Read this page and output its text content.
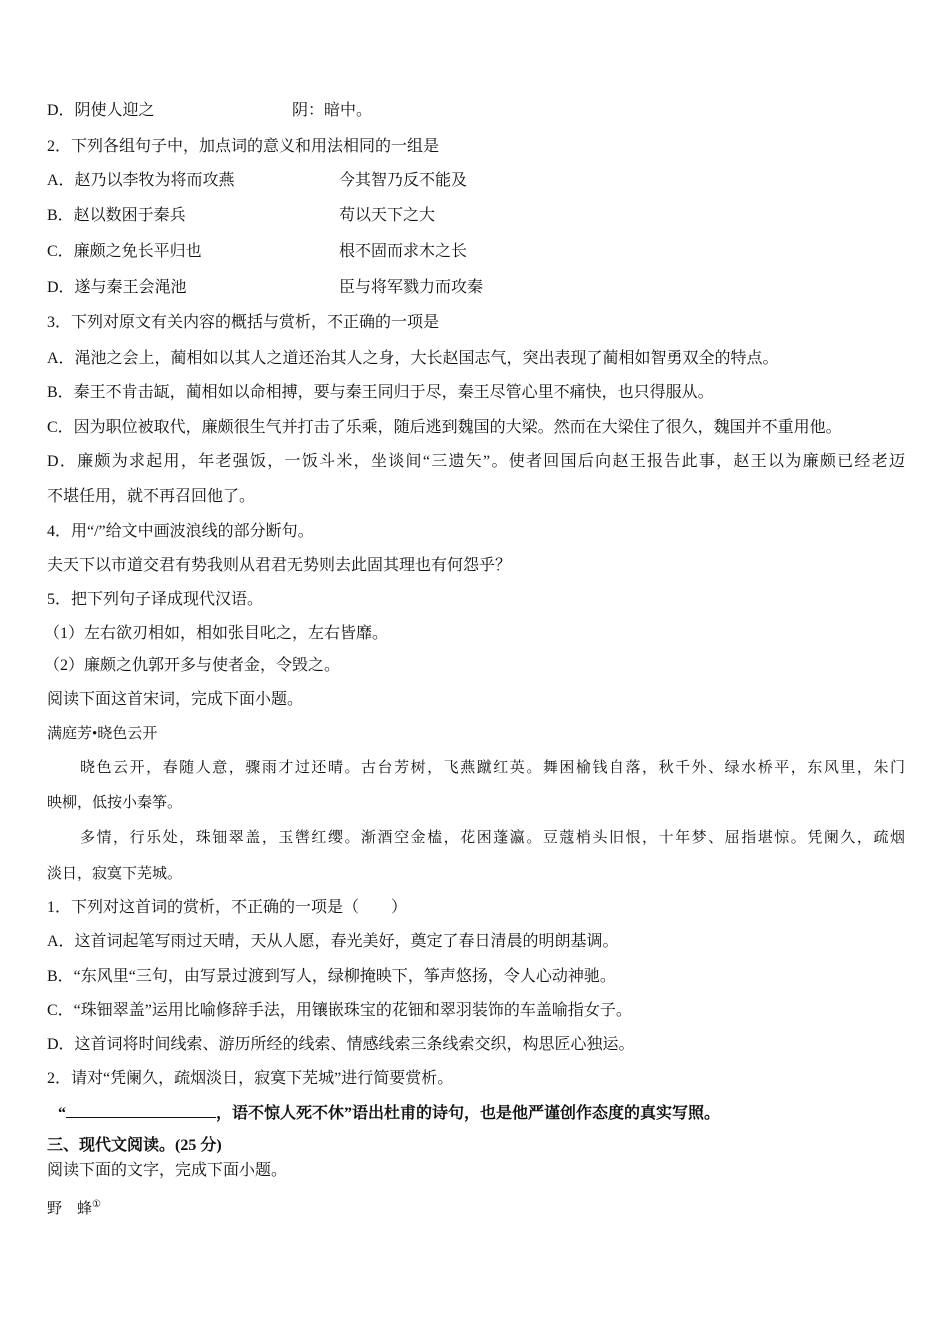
D．阴使人迎之	阴：暗中。
2．下列各组句子中，加点词的意义和用法相同的一组是
A．赵乃以李牧为将而攻燕	今其智乃反不能及
B．赵以数困于秦兵	苟以天下之大
C．廉颇之免长平归也	根不固而求木之长
D．遂与秦王会渑池	臣与将军戮力而攻秦
3．下列对原文有关内容的概括与赏析，不正确的一项是
A．渑池之会上，蔺相如以其人之道还治其人之身，大长赵国志气，突出表现了蔺相如智勇双全的特点。
B．秦王不肯击缻，蔺相如以命相搏，要与秦王同归于尽，秦王尽管心里不痛快，也只得服从。
C．因为职位被取代，廉颇很生气并打击了乐乘，随后逃到魏国的大梁。然而在大梁住了很久，魏国并不重用他。
D．廉颇为求起用，年老强饭，一饭斗米，坐谈间“三遗矢”。使者回国后向赵王报告此事，赵王以为廉颇已经老迈
不堪任用，就不再召回他了。
4．用“/”给文中画波浪线的部分断句。
夫天下以市道交君有势我则从君君无势则去此固其理也有何怨乎？
5．把下列句子译成现代汉语。
（1）左右欲刃相如，相如张目叱之，左右皆靡。
（2）廉颇之仇郭开多与使者金，令毁之。
阅读下面这首宋词，完成下面小题。
满庭芳•晓色云开
晓色云开，春随人意，骤雨才过还晴。古台芳树，飞燕蹴红英。舞困榆钱自落，秋千外、绿水桥平，东风里，朱门
映柳，低按小秦筝。
多情，行乐处，珠钿翠盖，玉辔红缨。渐酒空金榼，花困蓬瀛。豆蔻梢头旧恨，十年梦、屈指堪惊。凭阑久，疏烟
淡日，寂寞下芜城。
1．下列对这首词的赏析，不正确的一项是（　　）
A．这首词起笔写雨过天晴，天从人愿，春光美好，奠定了春日清晨的明朗基调。
B．“东风里“三句，由写景过渡到写人，绿柳掩映下，筝声悠扬，令人心动神驰。
C．“珠钿翠盖”运用比喻修辞手法，用镶嵌珠宝的花钿和翠羽装饰的车盖喻指女子。
D．这首词将时间线索、游历所经的线索、情感线索三条线索交织，构思匠心独运。
2．请对“凭阑久，疏烟淡日，寂寞下芜城”进行简要赏析。
“	，语不惊人死不休”语出杜甫的诗句，也是他严谨创作态度的真实写照。
三、现代文阅读。(25 分)
阅读下面的文字，完成下面小题。
野　蜂①
